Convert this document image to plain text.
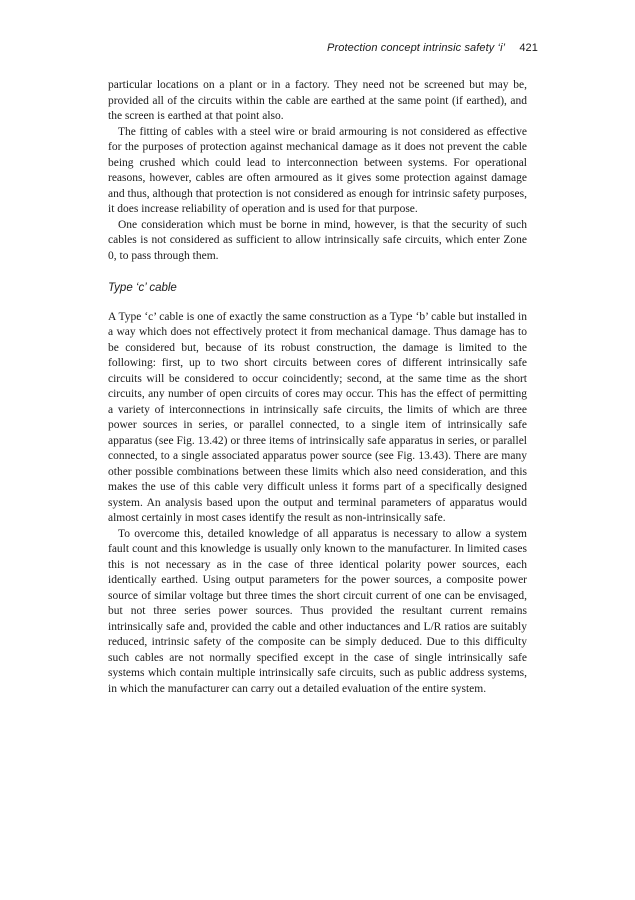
Protection concept intrinsic safety ‘i’ 421

particular locations on a plant or in a factory. They need not be screened but may be, provided all of the circuits within the cable are earthed at the same point (if earthed), and the screen is earthed at that point also.

The fitting of cables with a steel wire or braid armouring is not considered as effective for the purposes of protection against mechanical damage as it does not prevent the cable being crushed which could lead to interconnection between systems. For operational reasons, however, cables are often armoured as it gives some protection against damage and thus, although that protection is not considered as enough for intrinsic safety purposes, it does increase reliability of operation and is used for that purpose.

One consideration which must be borne in mind, however, is that the security of such cables is not considered as sufficient to allow intrinsically safe circuits, which enter Zone 0, to pass through them.

Type ‘c’ cable

A Type ‘c’ cable is one of exactly the same construction as a Type ‘b’ cable but installed in a way which does not effectively protect it from mechanical damage. Thus damage has to be considered but, because of its robust construction, the damage is limited to the following: first, up to two short circuits between cores of different intrinsically safe circuits will be considered to occur coincidently; second, at the same time as the short circuits, any number of open circuits of cores may occur. This has the effect of permitting a variety of interconnections in intrinsically safe circuits, the limits of which are three power sources in series, or parallel connected, to a single item of intrinsically safe apparatus (see Fig. 13.42) or three items of intrinsically safe apparatus in series, or parallel connected, to a single associated apparatus power source (see Fig. 13.43). There are many other possible combinations between these limits which also need consideration, and this makes the use of this cable very difficult unless it forms part of a specifically designed system. An analysis based upon the output and terminal parameters of apparatus would almost certainly in most cases identify the result as non-intrinsically safe.

To overcome this, detailed knowledge of all apparatus is necessary to allow a system fault count and this knowledge is usually only known to the manufacturer. In limited cases this is not necessary as in the case of three identical polarity power sources, each identically earthed. Using output parameters for the power sources, a composite power source of similar voltage but three times the short circuit current of one can be envisaged, but not three series power sources. Thus provided the resultant current remains intrinsically safe and, provided the cable and other inductances and L/R ratios are suitably reduced, intrinsic safety of the composite can be simply deduced. Due to this difficulty such cables are not normally specified except in the case of single intrinsically safe systems which contain multiple intrinsically safe circuits, such as public address systems, in which the manufacturer can carry out a detailed evaluation of the entire system.
